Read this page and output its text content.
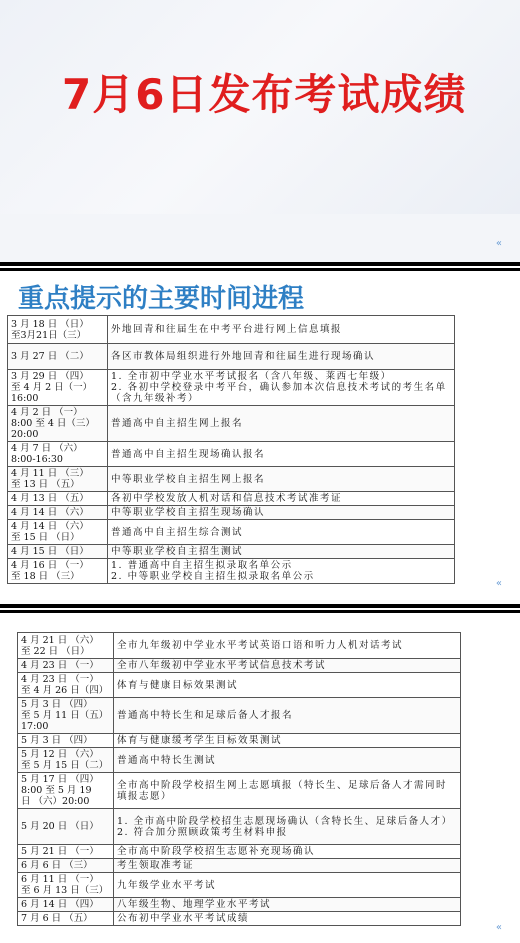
7月6日发布考试成绩
«
重点提示的主要时间进程
3 月 18 日 （日）
至3月21日（三）	外地回青和往届生在中考平台进行网上信息填报
3 月 27 日 （二）	各区市教体局组织进行外地回青和往届生进行现场确认
3 月 29 日 （四）
至 4 月 2 日（一）
16:00	1. 全市初中学业水平考试报名（含八年级、莱西七年级）
2. 各初中学校登录中考平台，确认参加本次信息技术考试的考生名单（含九年级补考）
4 月 2 日 （一）
8:00 至 4 日（三）
20:00	普通高中自主招生网上报名
4 月 7 日 （六）
8:00-16:30	普通高中自主招生现场确认报名
4 月 11 日 （三）
至 13 日 （五）	中等职业学校自主招生网上报名
4 月 13 日 （五）	各初中学校发放人机对话和信息技术考试准考证
4 月 14 日 （六）	中等职业学校自主招生现场确认
4 月 14 日 （六）
至 15 日 （日）	普通高中自主招生综合测试
4 月 15 日 （日）	中等职业学校自主招生测试
4 月 16 日 （一）
至 18 日 （三）	1. 普通高中自主招生拟录取名单公示
2. 中等职业学校自主招生拟录取名单公示
«
4 月 21 日 （六）
至 22 日 （日）	全市九年级初中学业水平考试英语口语和听力人机对话考试
4 月 23 日 （一）	全市八年级初中学业水平考试信息技术考试
4 月 23 日 （一）
至 4 月 26 日（四）	体育与健康目标效果测试
5 月 3 日 （四）
至 5 月 11 日（五）
17:00	普通高中特长生和足球后备人才报名
5 月 3 日 （四）	体育与健康缓考学生目标效果测试
5 月 12 日 （六）
至 5 月 15 日（二）	普通高中特长生测试
5 月 17 日 （四）
8:00 至 5 月 19
日 （六）20:00	全市高中阶段学校招生网上志愿填报（特长生、足球后备人才需同时填报志愿）
5 月 20 日 （日）	1. 全市高中阶段学校招生志愿现场确认（含特长生、足球后备人才）
2. 符合加分照顾政策考生材料申报
5 月 21 日 （一）	全市高中阶段学校招生志愿补充现场确认
6 月 6 日 （三）	考生领取准考证
6 月 11 日 （一）
至 6 月 13 日（三）	九年级学业水平考试
6 月 14 日 （四）	八年级生物、地理学业水平考试
7 月 6 日 （五）	公布初中学业水平考试成绩
«
